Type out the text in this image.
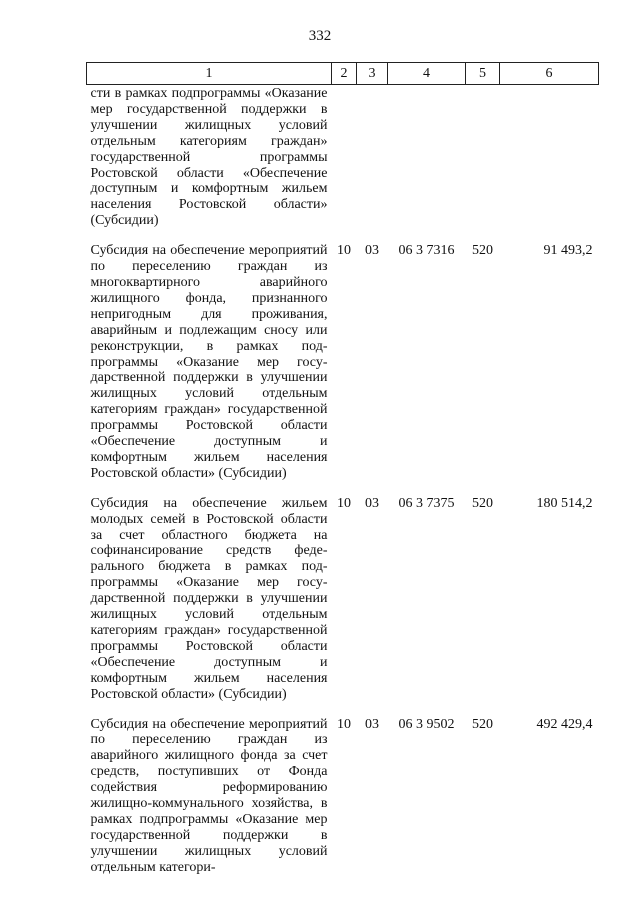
332
1	2	3	4	5	6
сти в рамках подпрограммы «Оказание мер государственной поддержки в улучшении жилищных условий отдельным категориям граждан» государственной программы Ростовской области «Обеспечение доступным и комфортным жильем населения Ростовской области» (Субсидии)					

Субсидия на обеспечение мероприятий по переселению граждан из многоквартирного аварийного жилищного фонда, признанного непригодным для проживания, аварийным и подлежащим сносу или реконструкции, в рамках подпрограммы «Оказание мер государственной поддержки в улучшении жилищных условий отдельным категориям граждан» государственной программы Ростовской области «Обеспечение доступным и комфортным жильем населения Ростовской области» (Субсидии)	10	03	06 3 7316	520	91 493,2

Субсидия на обеспечение жильем молодых семей в Ростовской области за счет областного бюджета на софинансирование средств федерального бюджета в рамках подпрограммы «Оказание мер государственной поддержки в улучшении жилищных условий отдельным категориям граждан» государственной программы Ростовской области «Обеспечение доступным и комфортным жильем населения Ростовской области» (Субсидии)	10	03	06 3 7375	520	180 514,2

Субсидия на обеспечение мероприятий по переселению граждан из аварийного жилищного фонда за счет средств, поступивших от Фонда содействия реформированию жилищно-коммунального хозяйства, в рамках подпрограммы «Оказание мер государственной поддержки в улучшении жилищных условий отдельным категори-	10	03	06 3 9502	520	492 429,4
